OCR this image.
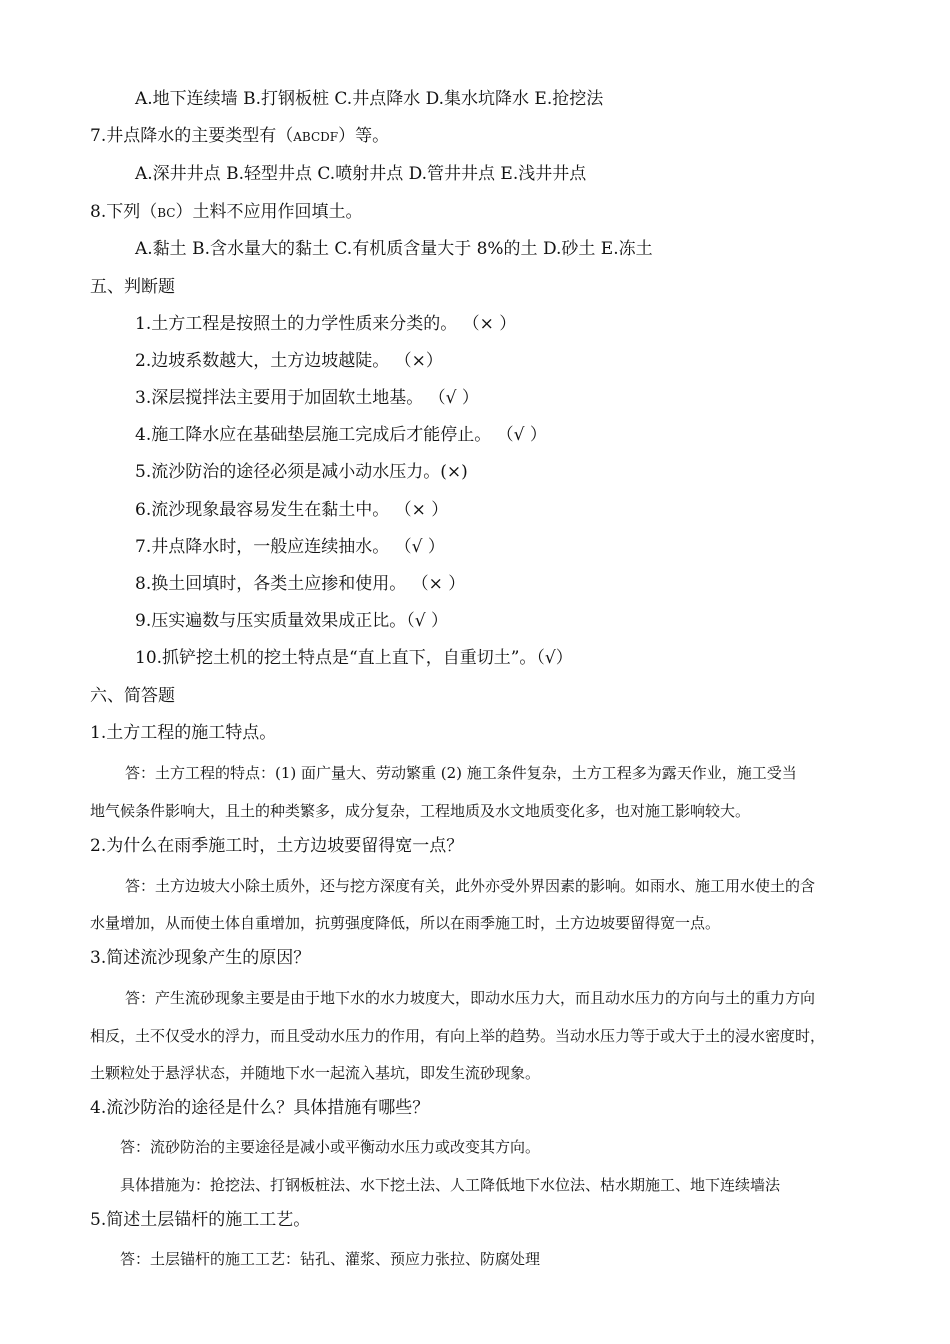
A.地下连续墙 B.打钢板桩 C.井点降水 D.集水坑降水 E.抢挖法
7.井点降水的主要类型有（ABCDF）等。
A.深井井点 B.轻型井点 C.喷射井点 D.管井井点 E.浅井井点
8.下列（BC）土料不应用作回填土。
A.黏土 B.含水量大的黏土 C.有机质含量大于 8%的土 D.砂土 E.冻土
五、判断题
1.土方工程是按照土的力学性质来分类的。 （× ）
2.边坡系数越大，土方边坡越陡。 （×）
3.深层搅拌法主要用于加固软土地基。 （√ ）
4.施工降水应在基础垫层施工完成后才能停止。 （√ ）
5.流沙防治的途径必须是减小动水压力。(×)
6.流沙现象最容易发生在黏土中。 （× ）
7.井点降水时，一般应连续抽水。 （√ ）
8.换土回填时，各类土应掺和使用。 （× ）
9.压实遍数与压实质量效果成正比。（√ ）
10.抓铲挖土机的挖土特点是“直上直下，自重切土”。（√）
六、简答题
1.土方工程的施工特点。
答：土方工程的特点：(1) 面广量大、劳动繁重 (2) 施工条件复杂，土方工程多为露天作业，施工受当
地气候条件影响大，且土的种类繁多，成分复杂，工程地质及水文地质变化多，也对施工影响较大。
2.为什么在雨季施工时，土方边坡要留得宽一点？
答：土方边坡大小除土质外，还与挖方深度有关，此外亦受外界因素的影响。如雨水、施工用水使土的含
水量增加，从而使土体自重增加，抗剪强度降低，所以在雨季施工时，土方边坡要留得宽一点。
3.简述流沙现象产生的原因？
答：产生流砂现象主要是由于地下水的水力坡度大，即动水压力大，而且动水压力的方向与土的重力方向
相反，土不仅受水的浮力，而且受动水压力的作用，有向上举的趋势。当动水压力等于或大于土的浸水密度时，
土颗粒处于悬浮状态，并随地下水一起流入基坑，即发生流砂现象。
4.流沙防治的途径是什么？具体措施有哪些？
答：流砂防治的主要途径是减小或平衡动水压力或改变其方向。
具体措施为：抢挖法、打钢板桩法、水下挖土法、人工降低地下水位法、枯水期施工、地下连续墙法
5.简述土层锚杆的施工工艺。
答：土层锚杆的施工工艺：钻孔、灌浆、预应力张拉、防腐处理
